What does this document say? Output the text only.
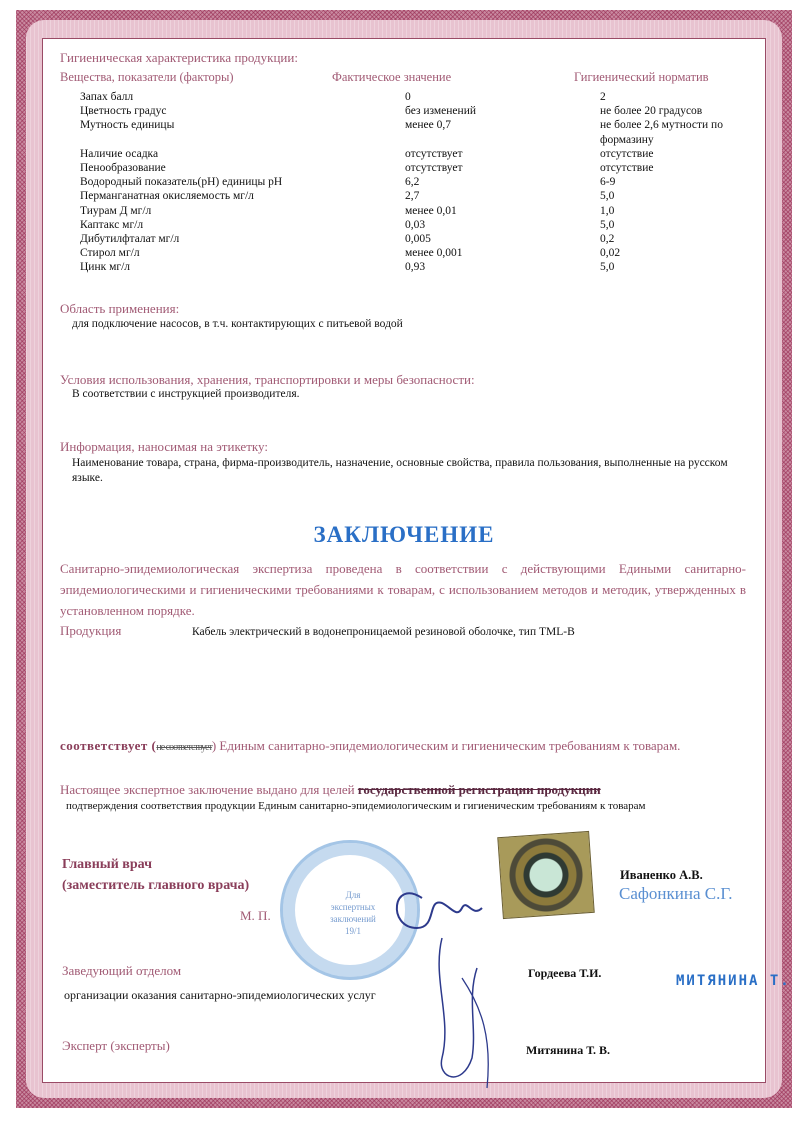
Гигиеническая характеристика продукции:
Вещества, показатели (факторы)	Фактическое значение	Гигиенический норматив
Запах балл	0	2
Цветность градус	без изменений	не более 20 градусов
Мутность единицы	менее 0,7	не более 2,6 мутности по формазину
Наличие осадка	отсутствует	отсутствие
Пенообразование	отсутствует	отсутствие
Водородный показатель(pH) единицы pH	6,2	6-9
Перманганатная окисляемость мг/л	2,7	5,0
Тиурам Д мг/л	менее 0,01	1,0
Каптакс мг/л	0,03	5,0
Дибутилфталат мг/л	0,005	0,2
Стирол мг/л	менее 0,001	0,02
Цинк мг/л	0,93	5,0
Область применения:
для подключение насосов, в т.ч. контактирующих с питьевой водой
Условия использования, хранения, транспортировки и меры безопасности:
В соответствии с инструкцией производителя.
Информация, наносимая на этикетку:
Наименование товара, страна, фирма-производитель, назначение, основные свойства, правила пользования, выполненные на русском языке.
ЗАКЛЮЧЕНИЕ
Санитарно-эпидемиологическая экспертиза проведена в соответствии с действующими Едиными санитарно-эпидемиологическими и гигиеническими требованиями к товарам, с использованием методов и методик, утвержденных в установленном порядке.
Продукция	Кабель электрический в водонепроницаемой резиновой оболочке, тип TML-B
соответствует (не соответствует) Единым санитарно-эпидемиологическим и гигиеническим требованиям к товарам.
Настоящее экспертное заключение выдано для целей государственной регистрации продукции
подтверждения соответствия продукции Единым санитарно-эпидемиологическим и гигиеническим требованиям к товарам
Для
экспертных
заключений
19/1
Главный врач
(заместитель главного врача)
М. П.
Иваненко А.В.
Сафонкина С.Г.
Заведующий отделом
организации оказания санитарно-эпидемиологических услуг
Гордеева Т.И.	МИТЯНИНА Т.
Эксперт (эксперты)	Митянина Т. В.
